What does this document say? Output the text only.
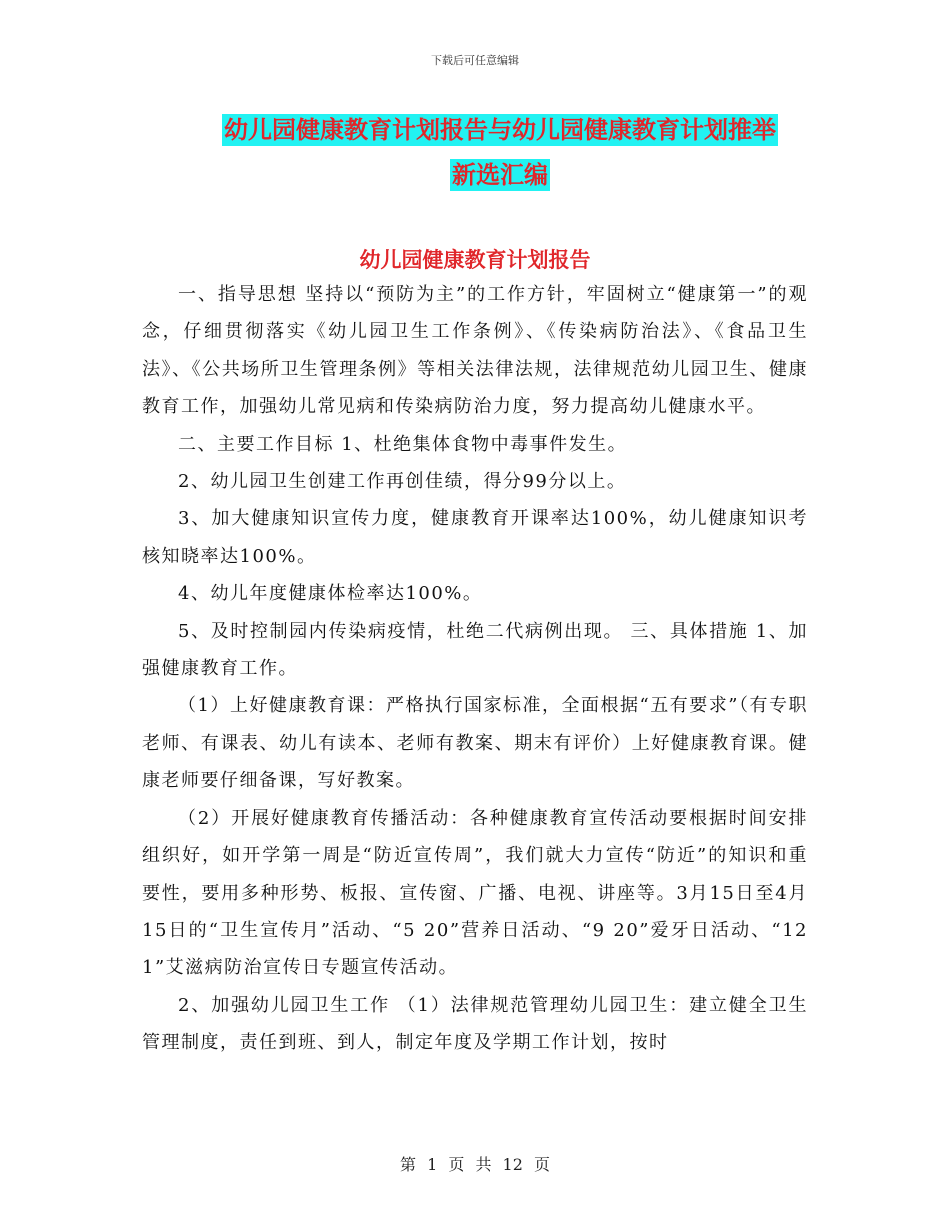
下载后可任意编辑
幼儿园健康教育计划报告与幼儿园健康教育计划推举
新选汇编
幼儿园健康教育计划报告

一、指导思想 坚持以“预防为主”的工作方针，牢固树立“健康第一”的观念，仔细贯彻落实《幼儿园卫生工作条例》、《传染病防治法》、《食品卫生法》、《公共场所卫生管理条例》等相关法律法规，法律规范幼儿园卫生、健康教育工作，加强幼儿常见病和传染病防治力度，努力提高幼儿健康水平。

二、主要工作目标 1、杜绝集体食物中毒事件发生。

2、幼儿园卫生创建工作再创佳绩，得分99分以上。

3、加大健康知识宣传力度，健康教育开课率达100%，幼儿健康知识考核知晓率达100%。

4、幼儿年度健康体检率达100%。

5、及时控制园内传染病疫情，杜绝二代病例出现。 三、具体措施 1、加强健康教育工作。

（1）上好健康教育课：严格执行国家标准，全面根据“五有要求”（有专职老师、有课表、幼儿有读本、老师有教案、期末有评价）上好健康教育课。健康老师要仔细备课，写好教案。

（2）开展好健康教育传播活动：各种健康教育宣传活动要根据时间安排组织好，如开学第一周是“防近宣传周”，我们就大力宣传“防近”的知识和重要性，要用多种形势、板报、宣传窗、广播、电视、讲座等。3月15日至4月15日的“卫生宣传月”活动、“5 20”营养日活动、“9 20”爱牙日活动、“12 1”艾滋病防治宣传日专题宣传活动。

2、加强幼儿园卫生工作 （1）法律规范管理幼儿园卫生：建立健全卫生管理制度，责任到班、到人，制定年度及学期工作计划，按时

第 1 页 共 12 页
